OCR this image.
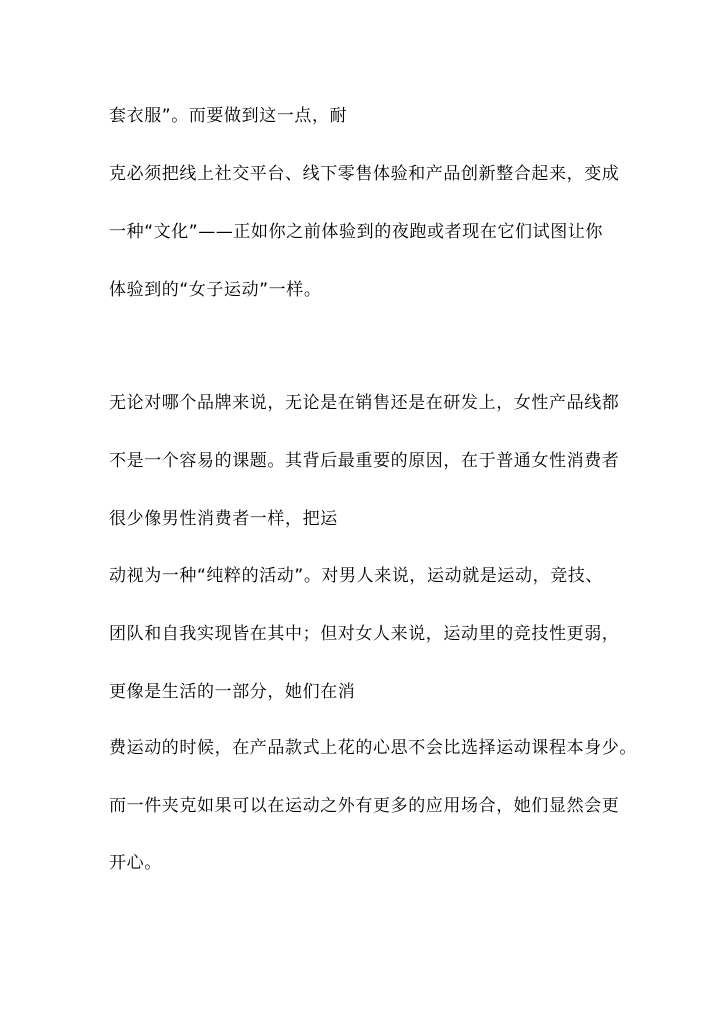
套衣服”。而要做到这一点，耐

克必须把线上社交平台、线下零售体验和产品创新整合起来，变成

一种“文化”——正如你之前体验到的夜跑或者现在它们试图让你

体验到的“女子运动”一样。

无论对哪个品牌来说，无论是在销售还是在研发上，女性产品线都

不是一个容易的课题。其背后最重要的原因，在于普通女性消费者

很少像男性消费者一样，把运

动视为一种“纯粹的活动”。对男人来说，运动就是运动，竞技、

团队和自我实现皆在其中；但对女人来说，运动里的竞技性更弱，

更像是生活的一部分，她们在消

费运动的时候，在产品款式上花的心思不会比选择运动课程本身少。

而一件夹克如果可以在运动之外有更多的应用场合，她们显然会更

开心。
